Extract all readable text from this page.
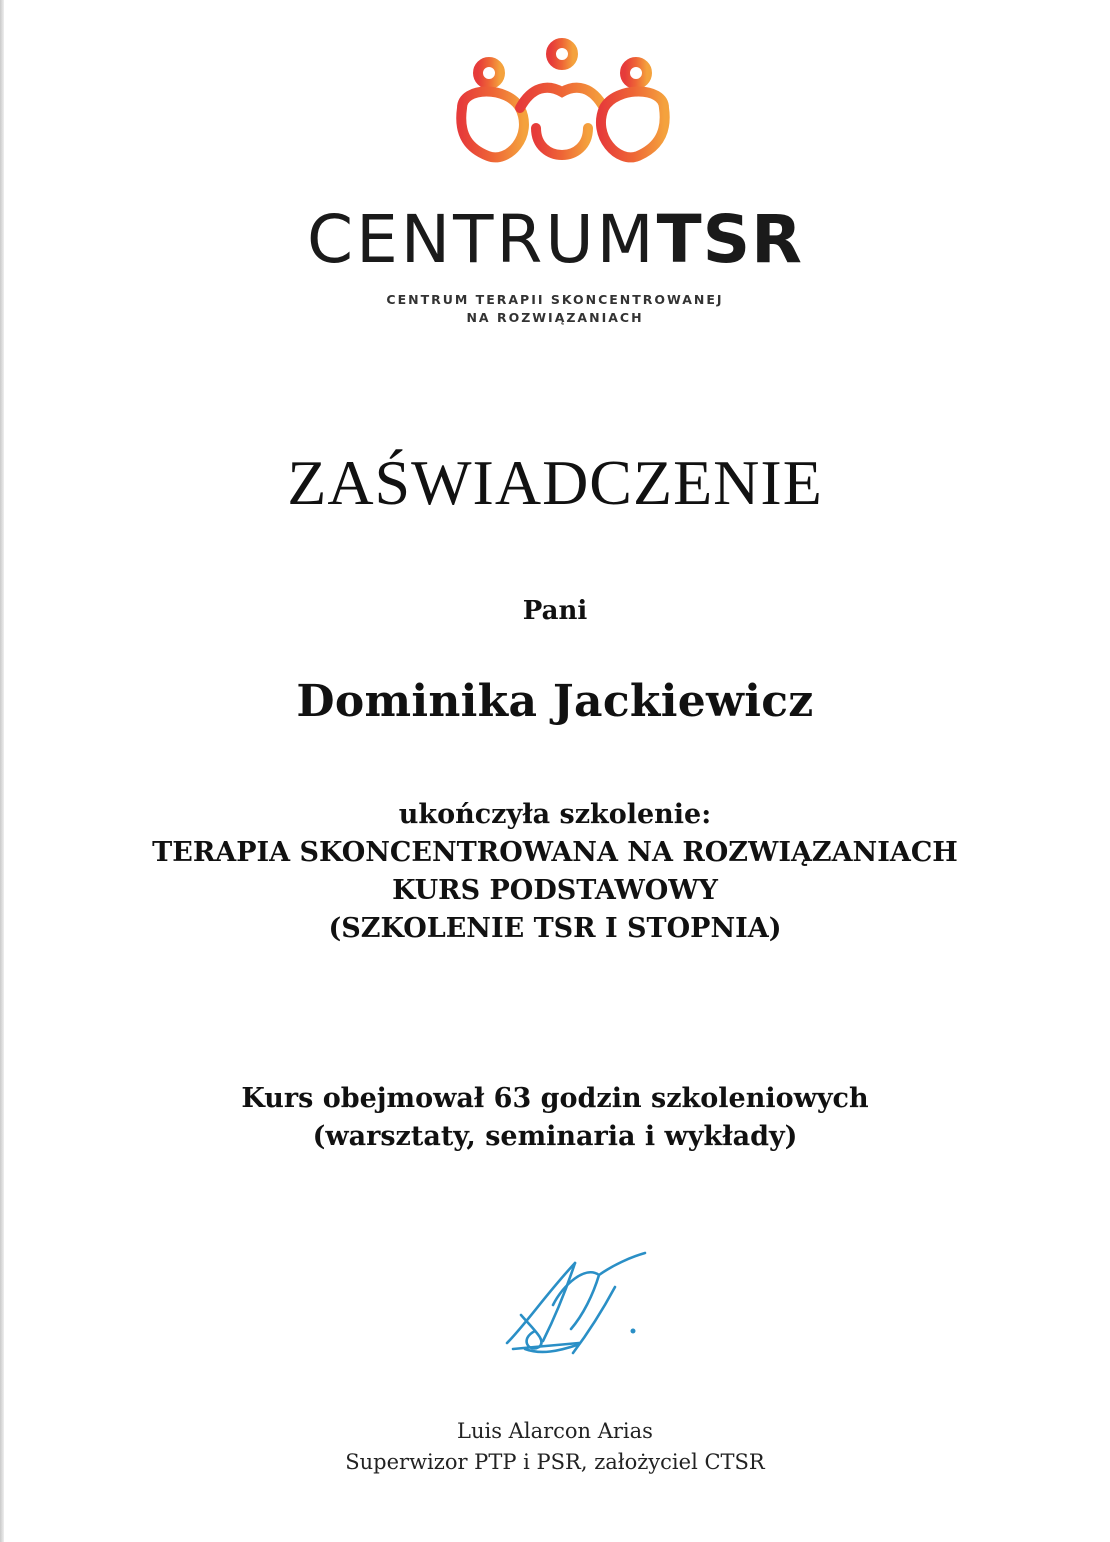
CENTRUMTSR
CENTRUM TERAPII SKONCENTROWANEJ
NA ROZWIĄZANIACH
ZAŚWIADCZENIE
Pani
Dominika Jackiewicz
ukończyła szkolenie:
TERAPIA SKONCENTROWANA NA ROZWIĄZANIACH
KURS PODSTAWOWY
(SZKOLENIE TSR I STOPNIA)
Kurs obejmował 63 godzin szkoleniowych
(warsztaty, seminaria i wykłady)
Luis Alarcon Arias
Superwizor PTP i PSR, założyciel CTSR
